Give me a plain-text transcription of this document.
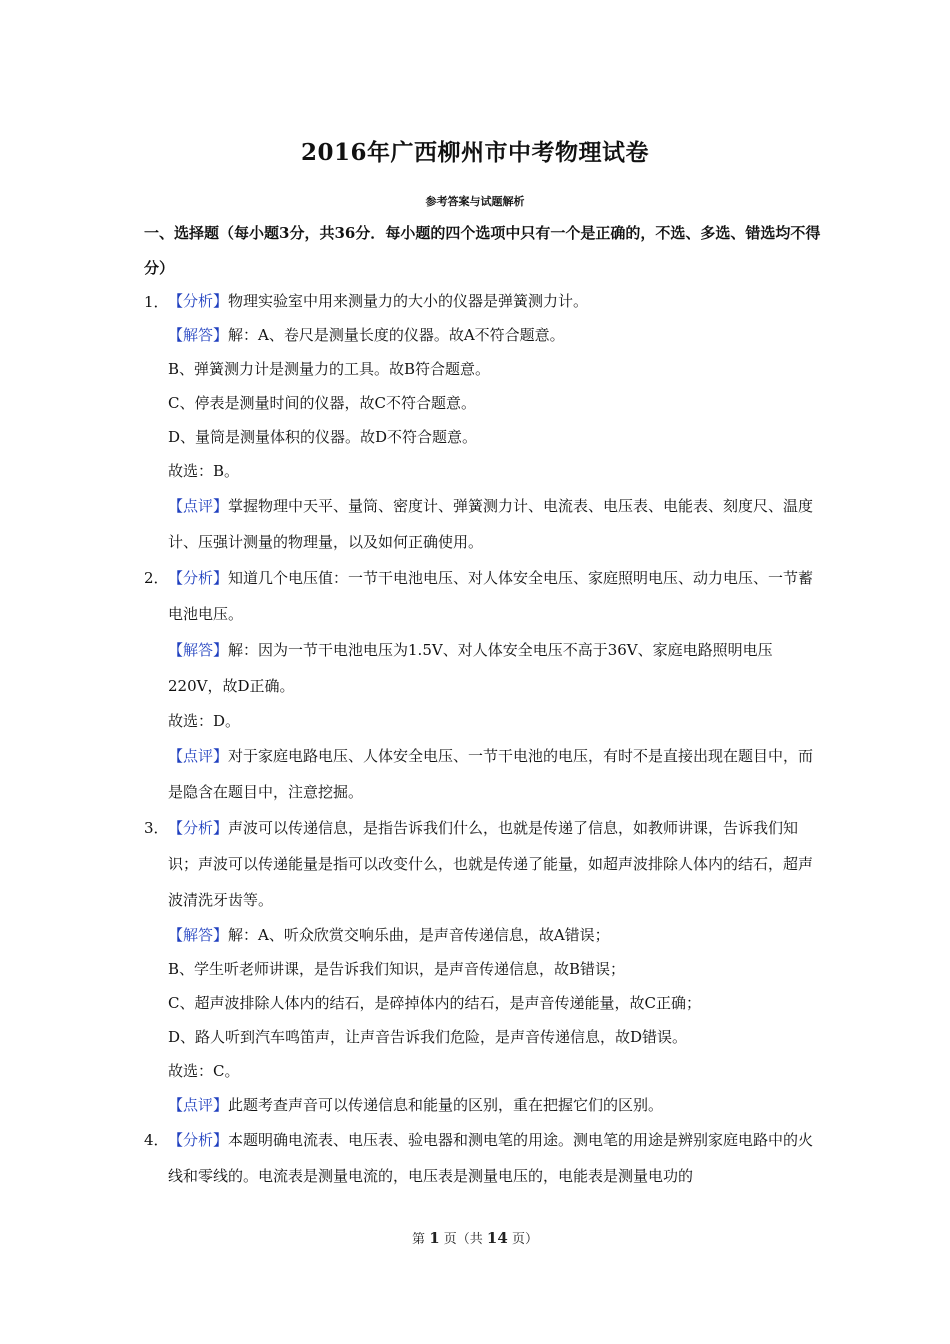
2016年广西柳州市中考物理试卷
参考答案与试题解析
一、选择题（每小题3分，共36分．每小题的四个选项中只有一个是正确的，不选、多选、错选均不得分）
1． 【分析】物理实验室中用来测量力的大小的仪器是弹簧测力计。

【解答】解：A、卷尺是测量长度的仪器。故A不符合题意。

B、弹簧测力计是测量力的工具。故B符合题意。

C、停表是测量时间的仪器，故C不符合题意。

D、量筒是测量体积的仪器。故D不符合题意。

故选：B。

【点评】掌握物理中天平、量筒、密度计、弹簧测力计、电流表、电压表、电能表、刻度尺、温度计、压强计测量的物理量，以及如何正确使用。

2． 【分析】知道几个电压值：一节干电池电压、对人体安全电压、家庭照明电压、动力电压、一节蓄电池电压。

【解答】解：因为一节干电池电压为1.5V、对人体安全电压不高于36V、家庭电路照明电压220V，故D正确。

故选：D。

【点评】对于家庭电路电压、人体安全电压、一节干电池的电压，有时不是直接出现在题目中，而是隐含在题目中，注意挖掘。

3． 【分析】声波可以传递信息，是指告诉我们什么，也就是传递了信息，如教师讲课，告诉我们知识；声波可以传递能量是指可以改变什么，也就是传递了能量，如超声波排除人体内的结石，超声波清洗牙齿等。

【解答】解：A、听众欣赏交响乐曲，是声音传递信息，故A错误；

B、学生听老师讲课，是告诉我们知识，是声音传递信息，故B错误；

C、超声波排除人体内的结石，是碎掉体内的结石，是声音传递能量，故C正确；

D、路人听到汽车鸣笛声，让声音告诉我们危险，是声音传递信息，故D错误。

故选：C。

【点评】此题考查声音可以传递信息和能量的区别，重在把握它们的区别。

4． 【分析】本题明确电流表、电压表、验电器和测电笔的用途。测电笔的用途是辨别家庭电路中的火线和零线的。电流表是测量电流的，电压表是测量电压的，电能表是测量电功的

第 1 页（共 14 页）
